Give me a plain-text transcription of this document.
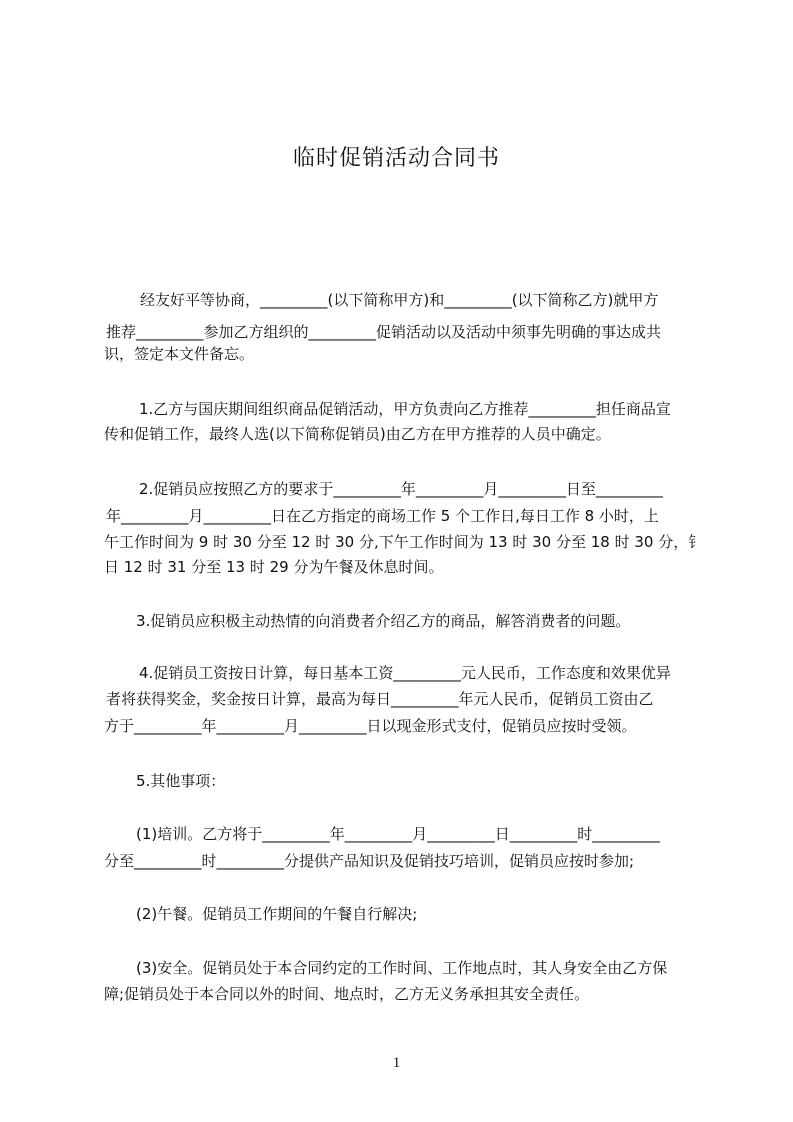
临时促销活动合同书
经友好平等协商，_________(以下简称甲方)和_________(以下简称乙方)就甲方
推荐_________参加乙方组织的_________促销活动以及活动中须事先明确的事达成共
识，签定本文件备忘。
1.乙方与国庆期间组织商品促销活动，甲方负责向乙方推荐_________担任商品宣
传和促销工作，最终人选(以下简称促销员)由乙方在甲方推荐的人员中确定。
2.促销员应按照乙方的要求于_________年_________月_________日至_________
年_________月_________日在乙方指定的商场工作 5 个工作日,每日工作 8 小时，上
午工作时间为 9 时 30 分至 12 时 30 分,下午工作时间为 13 时 30 分至 18 时 30 分，钅
日 12 时 31 分至 13 时 29 分为午餐及休息时间。
3.促销员应积极主动热情的向消费者介绍乙方的商品，解答消费者的问题。
4.促销员工资按日计算，每日基本工资_________元人民币，工作态度和效果优异
者将获得奖金，奖金按日计算，最高为每日_________年元人民币，促销员工资由乙
方于_________年_________月_________日以现金形式支付，促销员应按时受领。
5.其他事项：
(1)培训。乙方将于_________年_________月_________日_________时_________
分至_________时_________分提供产品知识及促销技巧培训，促销员应按时参加;
(2)午餐。促销员工作期间的午餐自行解决;
(3)安全。促销员处于本合同约定的工作时间、工作地点时，其人身安全由乙方保
障;促销员处于本合同以外的时间、地点时，乙方无义务承担其安全责任。
1
